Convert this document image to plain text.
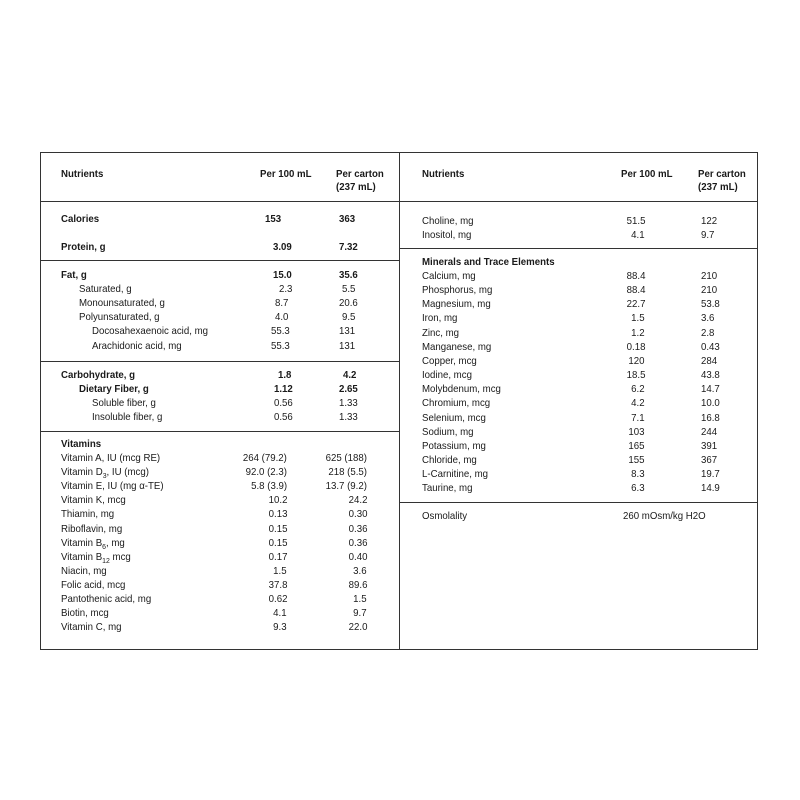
Nutrients	Per 100 mL Per carton
(237 mL)
Calories	153	363
Protein, g	3.09	7.32
Fat, g	15.0	35.6
Saturated, g	2.3	5.5
Monounsaturated, g	8.7	20.6
Polyunsaturated, g	4.0	9.5
Docosahexaenoic acid, mg	55.3	131
Arachidonic acid, mg	55.3	131
Carbohydrate, g	1.8	4.2
Dietary Fiber, g	1.12	2.65
Soluble fiber, g	0.56	1.33
Insoluble fiber, g	0.56	1.33
Vitamins
Vitamin A, IU (mcg RE)	264 (79.2)	625 (188)
Vitamin $D_3$, IU (mcg)	92.0 (2.3)	218 (5.5)
Vitamin E, IU (mg α-TE)	5.8 (3.9)	13.7 (9.2)
Vitamin K, mcg	10.2	24.2
Thiamin, mg	0.13	0.30
Riboflavin, mg	0.15	0.36
Vitamin $B_6$, mg	0.15	0.36
Vitamin $B_{12}$ mcg	0.17	0.40
Niacin, mg	1.5	3.6
Folic acid, mcg	37.8	89.6
Pantothenic acid, mg	0.62	1.5
Biotin, mcg	4.1	9.7
Vitamin C, mg	9.3	22.0
Nutrients	Per 100 mL Per carton
(237 mL)
Choline, mg	51.5	122
Inositol, mg	4.1	9.7
Minerals and Trace Elements
Calcium, mg	88.4	210
Phosphorus, mg	88.4	210
Magnesium, mg	22.7	53.8
Iron, mg	1.5	3.6
Zinc, mg	1.2	2.8
Manganese, mg	0.18	0.43
Copper, mcg	120	284
Iodine, mcg	18.5	43.8
Molybdenum, mcg	6.2	14.7
Chromium, mcg	4.2	10.0
Selenium, mcg	7.1	16.8
Sodium, mg	103	244
Potassium, mg	165	391
Chloride, mg	155	367
L-Carnitine, mg	8.3	19.7
Taurine, mg	6.3	14.9
Osmolality	260 mOsm/kg H2O
